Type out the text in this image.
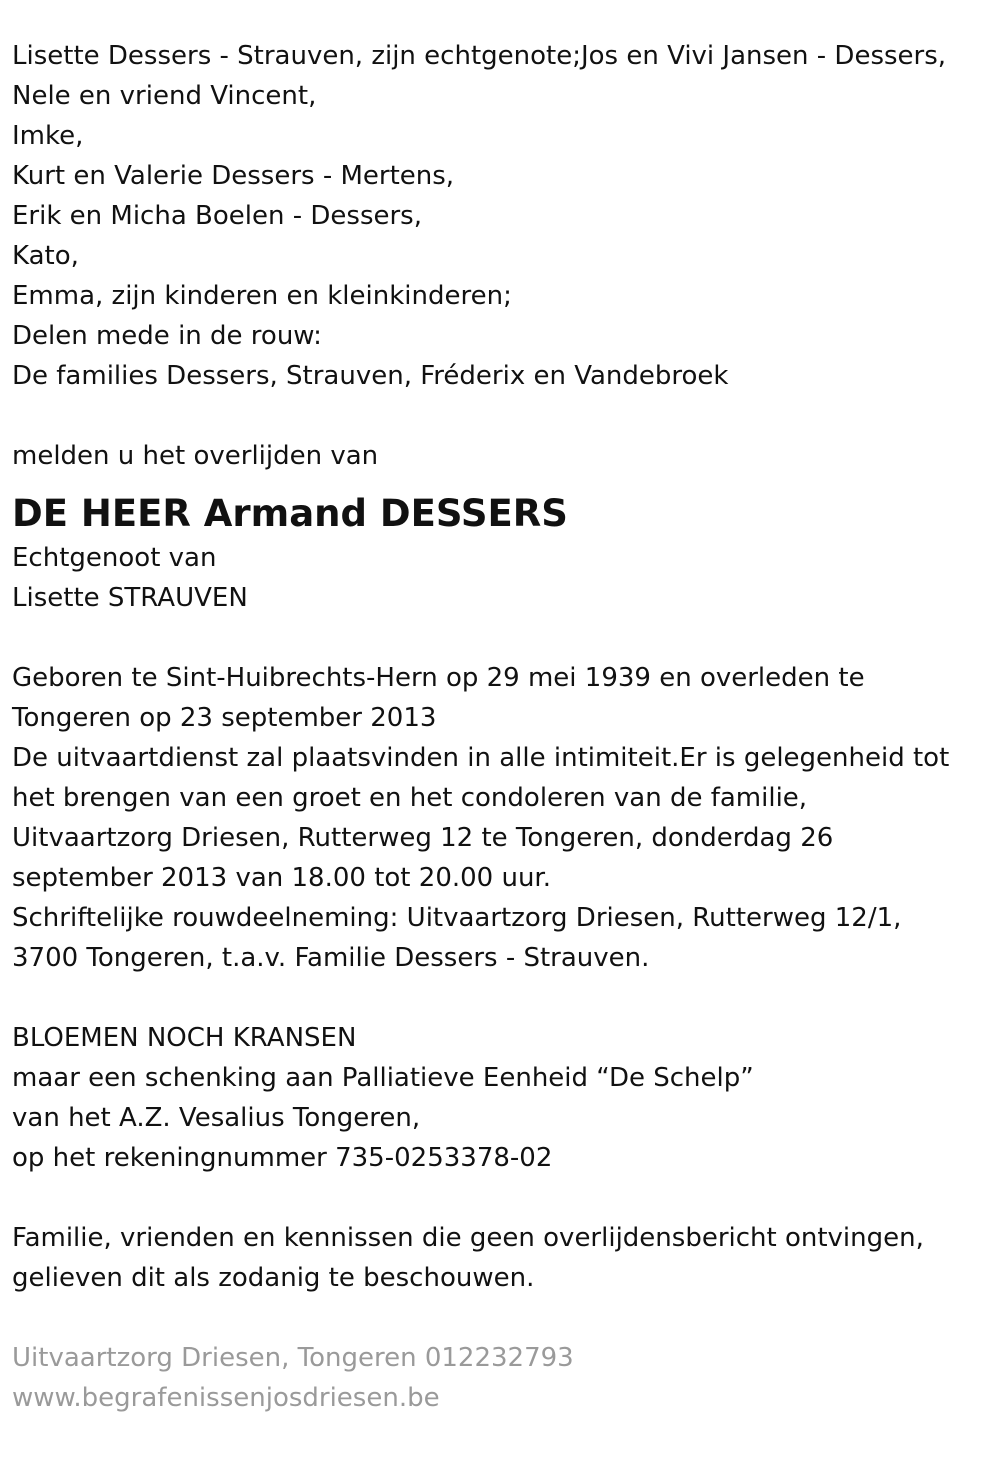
Lisette Dessers - Strauven, zijn echtgenote;Jos en Vivi Jansen - Dessers,
Nele en vriend Vincent,
Imke,
Kurt en Valerie Dessers - Mertens,
Erik en Micha Boelen - Dessers,
Kato,
Emma, zijn kinderen en kleinkinderen;
Delen mede in de rouw:
De families Dessers, Strauven, Fréderix en Vandebroek
melden u het overlijden van
DE HEER Armand DESSERS
Echtgenoot van
Lisette STRAUVEN
Geboren te Sint-Huibrechts-Hern op 29 mei 1939 en overleden te
Tongeren op 23 september 2013
De uitvaartdienst zal plaatsvinden in alle intimiteit.Er is gelegenheid tot
het brengen van een groet en het condoleren van de familie,
Uitvaartzorg Driesen, Rutterweg 12 te Tongeren, donderdag 26
september 2013 van 18.00 tot 20.00 uur.
Schriftelijke rouwdeelneming: Uitvaartzorg Driesen, Rutterweg 12/1,
3700 Tongeren, t.a.v. Familie Dessers - Strauven.
BLOEMEN NOCH KRANSEN
maar een schenking aan Palliatieve Eenheid “De Schelp”
van het A.Z. Vesalius Tongeren,
op het rekeningnummer 735-0253378-02
Familie, vrienden en kennissen die geen overlijdensbericht ontvingen,
gelieven dit als zodanig te beschouwen.
Uitvaartzorg Driesen, Tongeren 012232793
www.begrafenissenjosdriesen.be
